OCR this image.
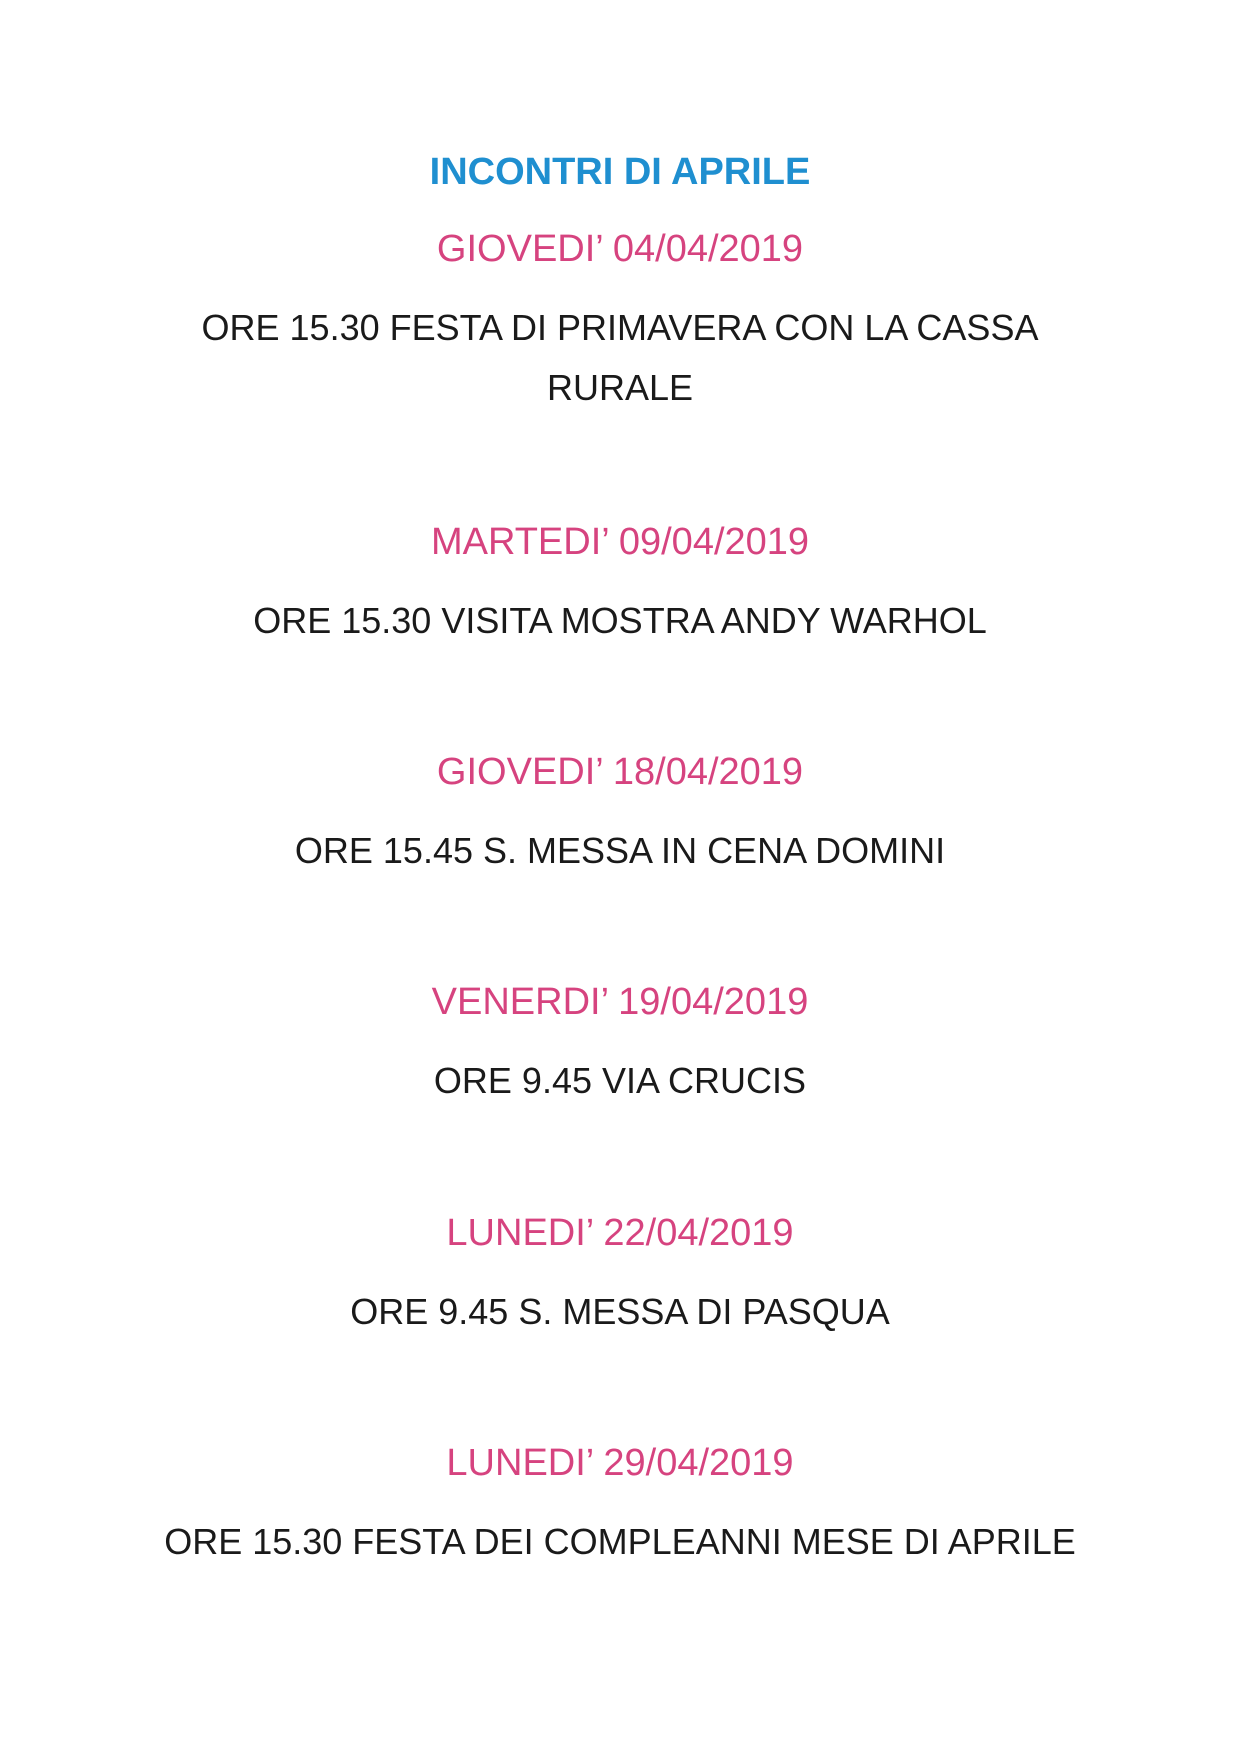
INCONTRI DI APRILE
GIOVEDI’ 04/04/2019
ORE 15.30 FESTA DI PRIMAVERA CON LA CASSA RURALE
MARTEDI’ 09/04/2019
ORE 15.30 VISITA MOSTRA ANDY WARHOL
GIOVEDI’ 18/04/2019
ORE 15.45 S. MESSA IN CENA DOMINI
VENERDI’ 19/04/2019
ORE 9.45 VIA CRUCIS
LUNEDI’ 22/04/2019
ORE 9.45 S. MESSA DI PASQUA
LUNEDI’ 29/04/2019
ORE 15.30 FESTA DEI COMPLEANNI MESE DI APRILE
